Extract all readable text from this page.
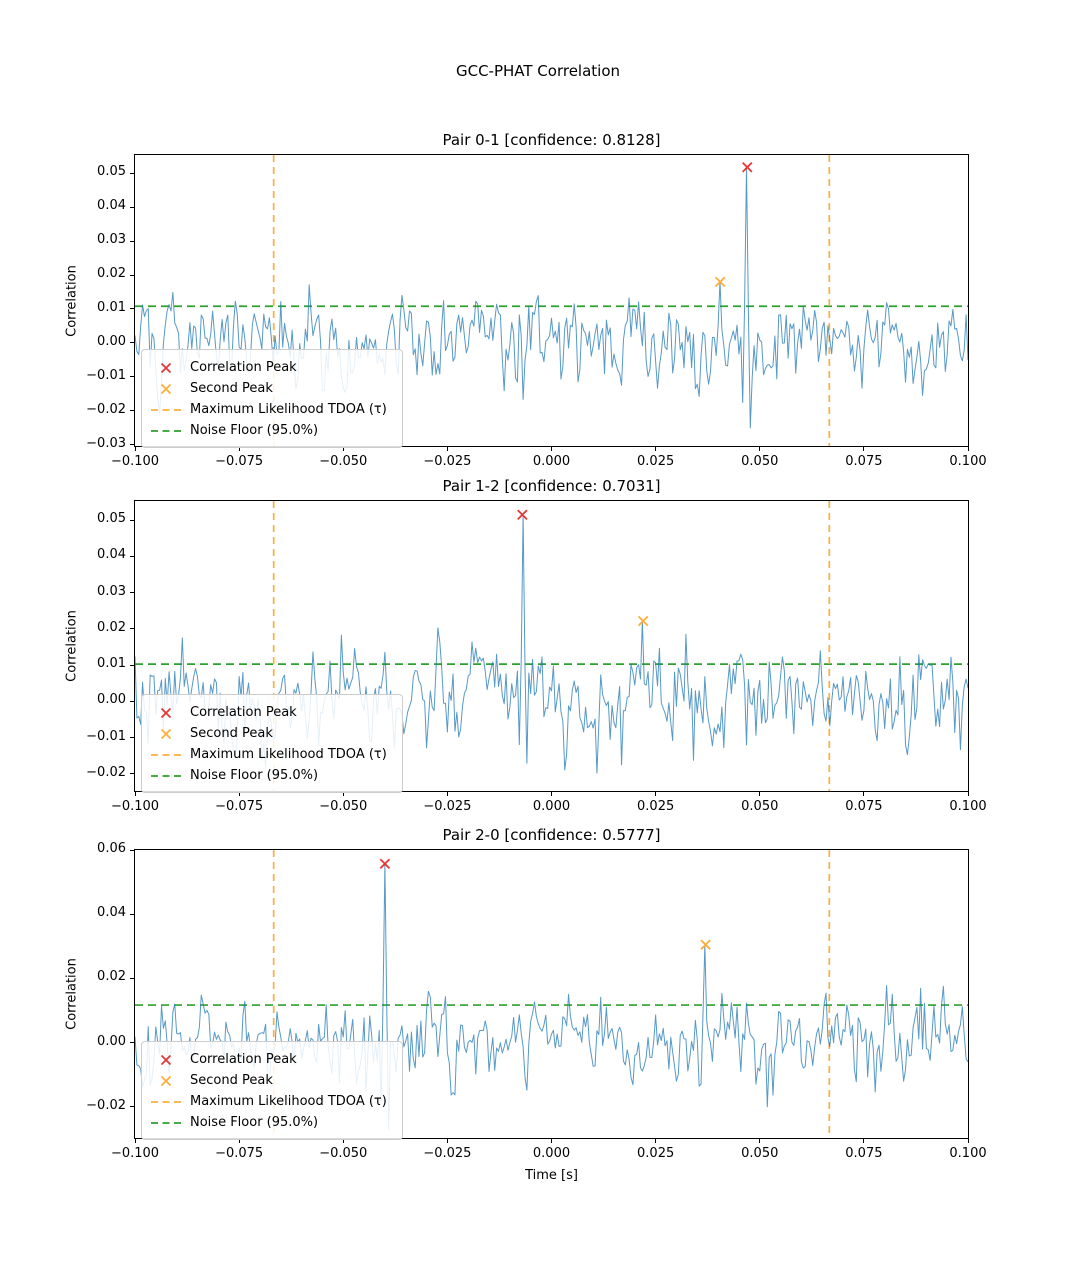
GCC-PHAT Correlation
Pair 0-1 [confidence: 0.8128]
−0.100	−0.075	−0.050	−0.025	0.000	0.025	0.050	0.075	0.100
0.05
0.04
0.03
0.02
0.01
0.00
−0.01
−0.02
−0.03
Correlation
Correlation Peak
Second Peak
Maximum Likelihood TDOA (τ)
Noise Floor (95.0%)
Pair 1-2 [confidence: 0.7031]
−0.100	−0.075	−0.050	−0.025	0.000	0.025	0.050	0.075	0.100
0.05
0.04
0.03
0.02
0.01
0.00
−0.01
−0.02
Correlation
Correlation Peak
Second Peak
Maximum Likelihood TDOA (τ)
Noise Floor (95.0%)
Pair 2-0 [confidence: 0.5777]
−0.100	−0.075	−0.050	−0.025	0.000	0.025	0.050	0.075	0.100
0.06
0.04
0.02
0.00
−0.02
Correlation
Correlation Peak
Second Peak
Maximum Likelihood TDOA (τ)
Noise Floor (95.0%)
Time [s]
